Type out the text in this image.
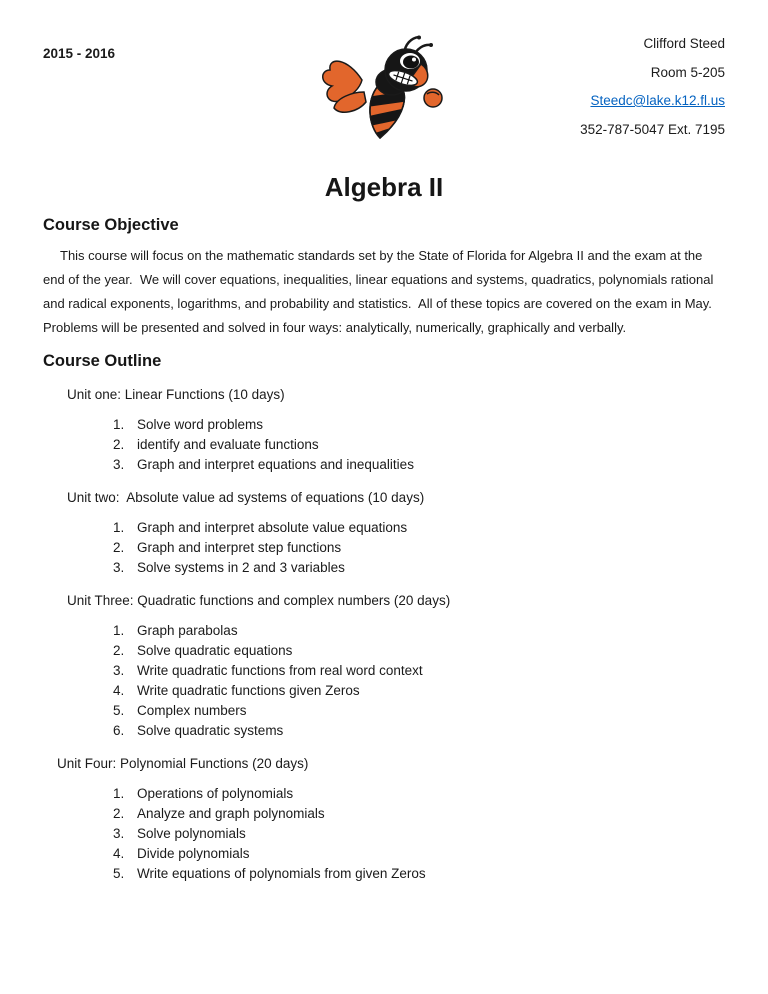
2015 - 2016
Clifford Steed
Room 5-205
Steedc@lake.k12.fl.us
352-787-5047 Ext. 7195
Algebra II
Course Objective

This course will focus on the mathematic standards set by the State of Florida for Algebra II and the exam at the end of the year.  We will cover equations, inequalities, linear equations and systems, quadratics, polynomials rational and radical exponents, logarithms, and probability and statistics.  All of these topics are covered on the exam in May.  Problems will be presented and solved in four ways: analytically, numerically, graphically and verbally.

Course Outline

Unit one: Linear Functions (10 days)

Solve word problems
identify and evaluate functions
Graph and interpret equations and inequalities

Unit two:  Absolute value ad systems of equations (10 days)

Graph and interpret absolute value equations
Graph and interpret step functions
Solve systems in 2 and 3 variables

Unit Three: Quadratic functions and complex numbers (20 days)

Graph parabolas
Solve quadratic equations
Write quadratic functions from real word context
Write quadratic functions given Zeros
Complex numbers
Solve quadratic systems

Unit Four: Polynomial Functions (20 days)

Operations of polynomials
Analyze and graph polynomials
Solve polynomials
Divide polynomials
Write equations of polynomials from given Zeros
